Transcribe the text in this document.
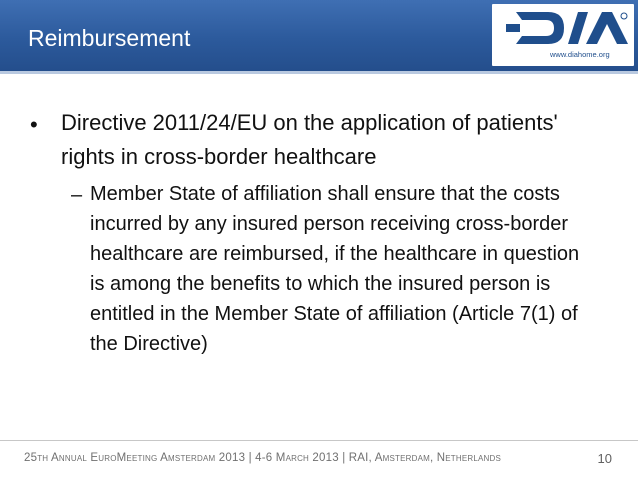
Reimbursement
www.diahome.org
• Directive 2011/24/EU on the application of patients' rights in cross-border healthcare
– Member State of affiliation shall ensure that the costs incurred by any insured person receiving cross-border healthcare are reimbursed, if the healthcare in question is among the benefits to which the insured person is entitled in the Member State of affiliation (Article 7(1) of the Directive)
25th Annual EuroMeeting Amsterdam 2013 | 4-6 March 2013 | RAI, Amsterdam, Netherlands	10
